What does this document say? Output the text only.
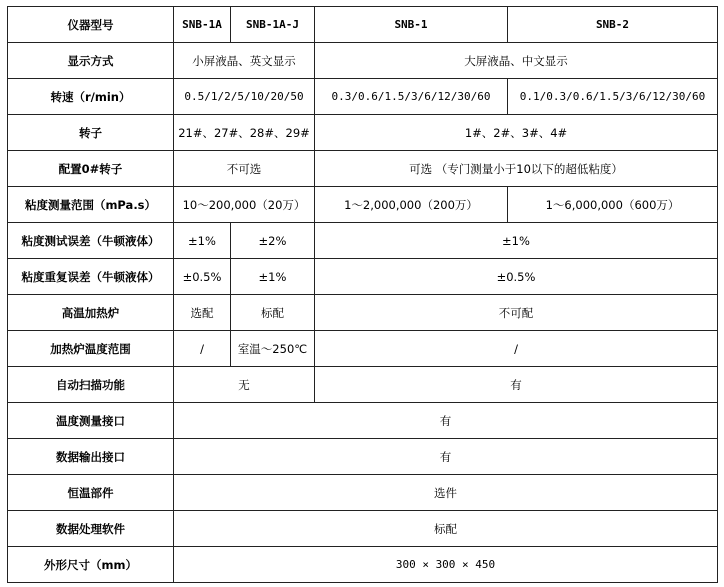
仪器型号	SNB-1A	SNB-1A-J	SNB-1	SNB-2
显示方式	小屏液晶、英文显示		大屏液晶、中文显示	
转速（r/min）	0.5/1/2/5/10/20/50		0.3/0.6/1.5/3/6/12/30/60	0.1/0.3/0.6/1.5/3/6/12/30/60
转子	21#、27#、28#、29#		1#、2#、3#、4#	
配置0#转子	不可选		可选 （专门测量小于10以下的超低粘度）	
粘度测量范围（mPa.s）	10～200,000（20万）		1～2,000,000（200万）	1～6,000,000（600万）
粘度测试误差（牛顿液体）	±1%	±2%	±1%	
粘度重复误差（牛顿液体）	±0.5%	±1%	±0.5%	
高温加热炉	选配	标配	不可配	
加热炉温度范围	/	室温～250℃	/	
自动扫描功能	无		有	
温度测量接口	有			
数据输出接口	有			
恒温部件	选件			
数据处理软件	标配			
外形尺寸（mm）	300 × 300 × 450			
